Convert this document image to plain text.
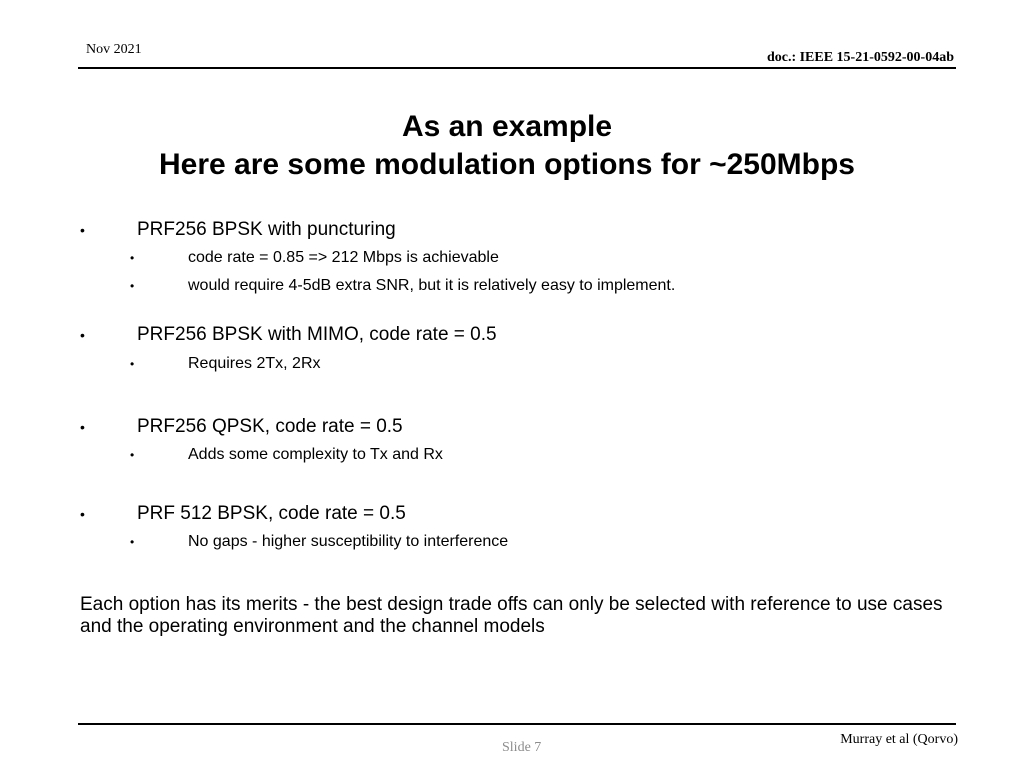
Nov 2021
doc.: IEEE 15-21-0592-00-04ab
As an example
Here are some modulation options for ~250Mbps
•	PRF256 BPSK with puncturing
•	code rate = 0.85 => 212 Mbps is achievable
•	would require 4-5dB extra SNR, but it is relatively easy to implement.
•	PRF256 BPSK with MIMO, code rate = 0.5
•	Requires 2Tx, 2Rx
•	PRF256 QPSK, code rate = 0.5
•	Adds some complexity to Tx and Rx
•	PRF 512 BPSK, code rate = 0.5
•	No gaps - higher susceptibility to interference
Each option has its merits - the best design trade offs can only be selected with reference to use cases and the operating environment and the channel models
Murray et al (Qorvo)
Slide 7
